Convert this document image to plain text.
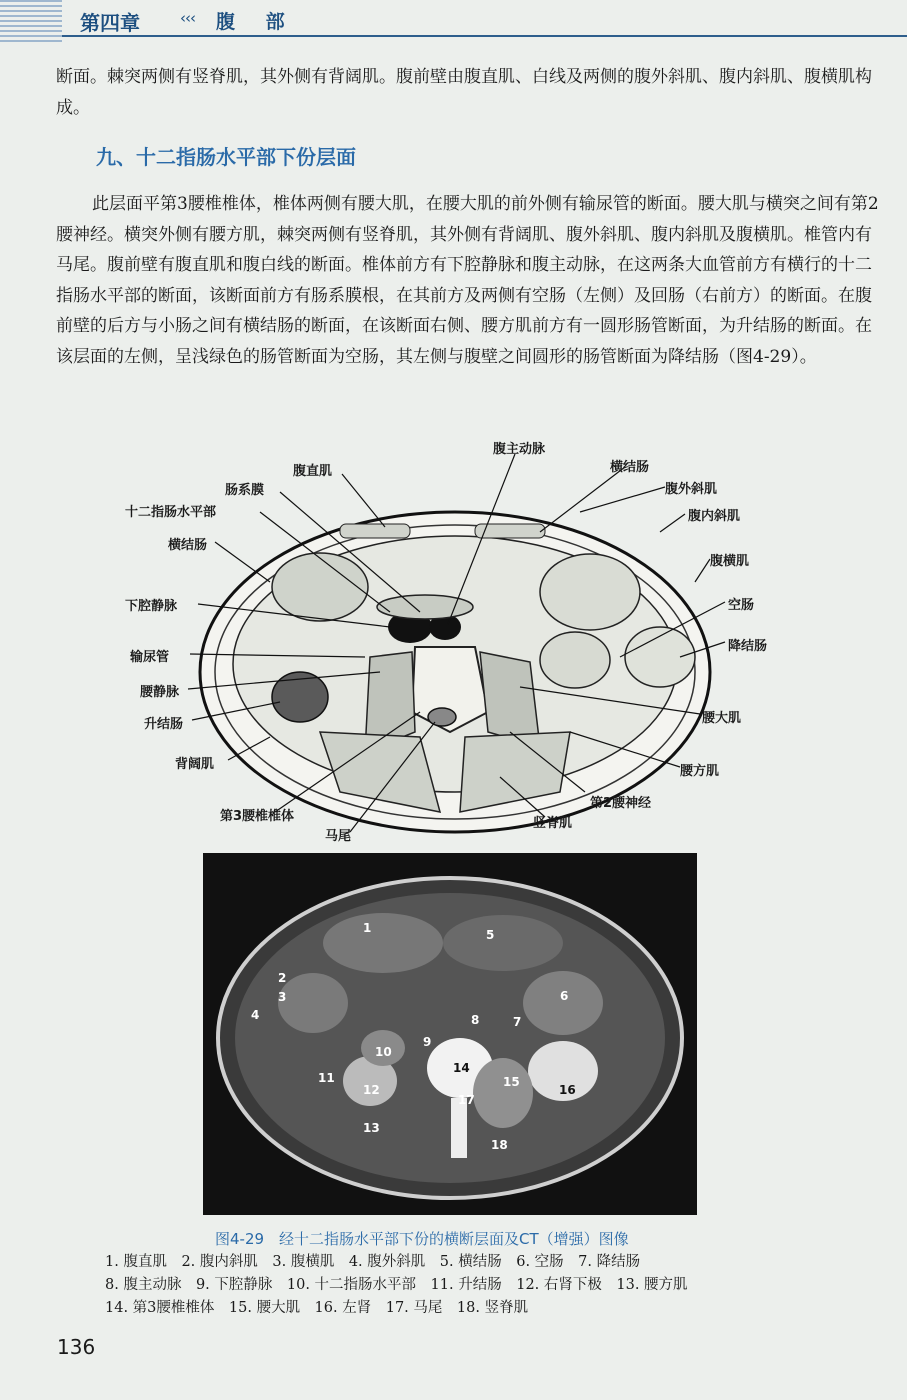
第四章	‹‹‹ 腹 部
断面。棘突两侧有竖脊肌，其外侧有背阔肌。腹前壁由腹直肌、白线及两侧的腹外斜肌、腹内斜肌、腹横肌构成。
九、十二指肠水平部下份层面
此层面平第3腰椎椎体，椎体两侧有腰大肌，在腰大肌的前外侧有输尿管的断面。腰大肌与横突之间有第2腰神经。横突外侧有腰方肌，棘突两侧有竖脊肌，其外侧有背阔肌、腹外斜肌、腹内斜肌及腹横肌。椎管内有马尾。腹前壁有腹直肌和腹白线的断面。椎体前方有下腔静脉和腹主动脉，在这两条大血管前方有横行的十二指肠水平部的断面，该断面前方有肠系膜根，在其前方及两侧有空肠（左侧）及回肠（右前方）的断面。在腹前壁的后方与小肠之间有横结肠的断面，在该断面右侧、腰方肌前方有一圆形肠管断面，为升结肠的断面。在该层面的左侧，呈浅绿色的肠管断面为空肠，其左侧与腹壁之间圆形的肠管断面为降结肠（图4-29）。
腹主动脉
腹直肌	横结肠
肠系膜	腹外斜肌
十二指肠水平部	腹内斜肌
横结肠
腹横肌
下腔静脉	空肠
降结肠
输尿管
腰静脉
腰大肌
升结肠
背阔肌	腰方肌
第3腰椎椎体
第2腰神经
马尾
竖脊肌
1
2
3
4
5
6
7
8
9
10
11
12
13
14
15
16
17
18
图4-29　经十二指肠水平部下份的横断层面及CT（增强）图像
1. 腹直肌　2. 腹内斜肌　3. 腹横肌　4. 腹外斜肌　5. 横结肠　6. 空肠　7. 降结肠
8. 腹主动脉　9. 下腔静脉　10. 十二指肠水平部　11. 升结肠　12. 右肾下极　13. 腰方肌
14. 第3腰椎椎体　15. 腰大肌　16. 左肾　17. 马尾　18. 竖脊肌
136
